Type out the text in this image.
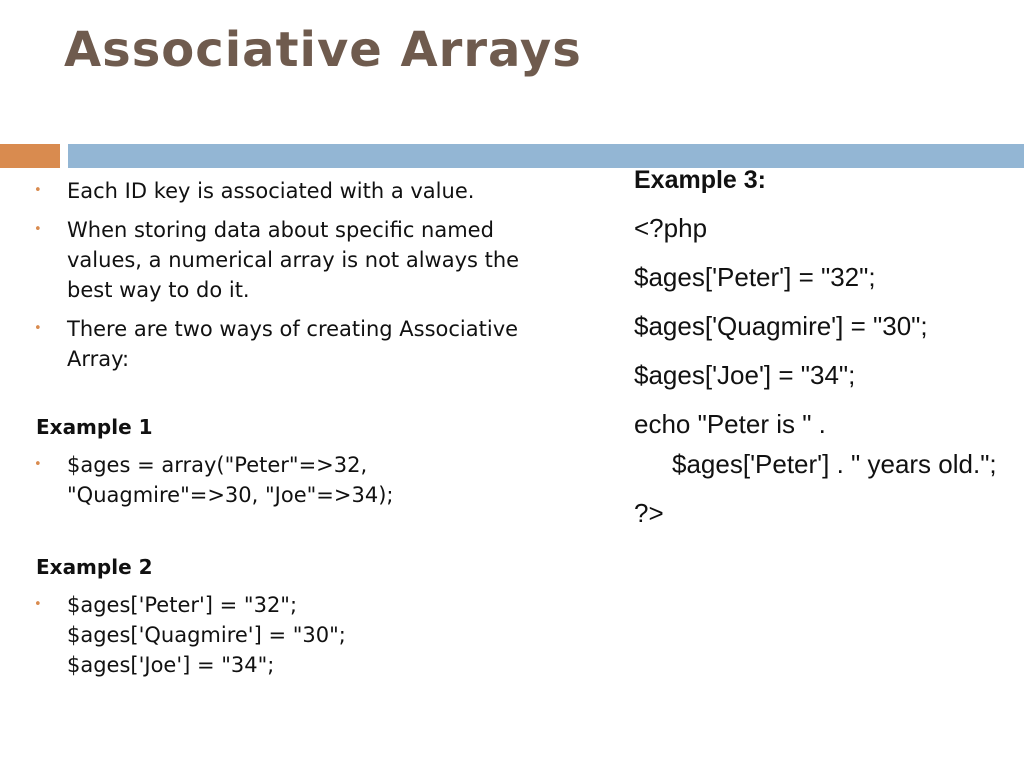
Associative Arrays
• Each ID key is associated with a value.
• When storing data about specific named values, a numerical array is not always the best way to do it.
• There are two ways of creating Associative Array:
Example 1
• $ages = array("Peter"=>32, "Quagmire"=>30, "Joe"=>34);
Example 2
• $ages['Peter'] = "32";
$ages['Quagmire'] = "30";
$ages['Joe'] = "34";
Example 3:
<?php
$ages['Peter'] = "32";
$ages['Quagmire'] = "30";
$ages['Joe'] = "34";
echo "Peter is " .
$ages['Peter'] . " years old.";
?>
